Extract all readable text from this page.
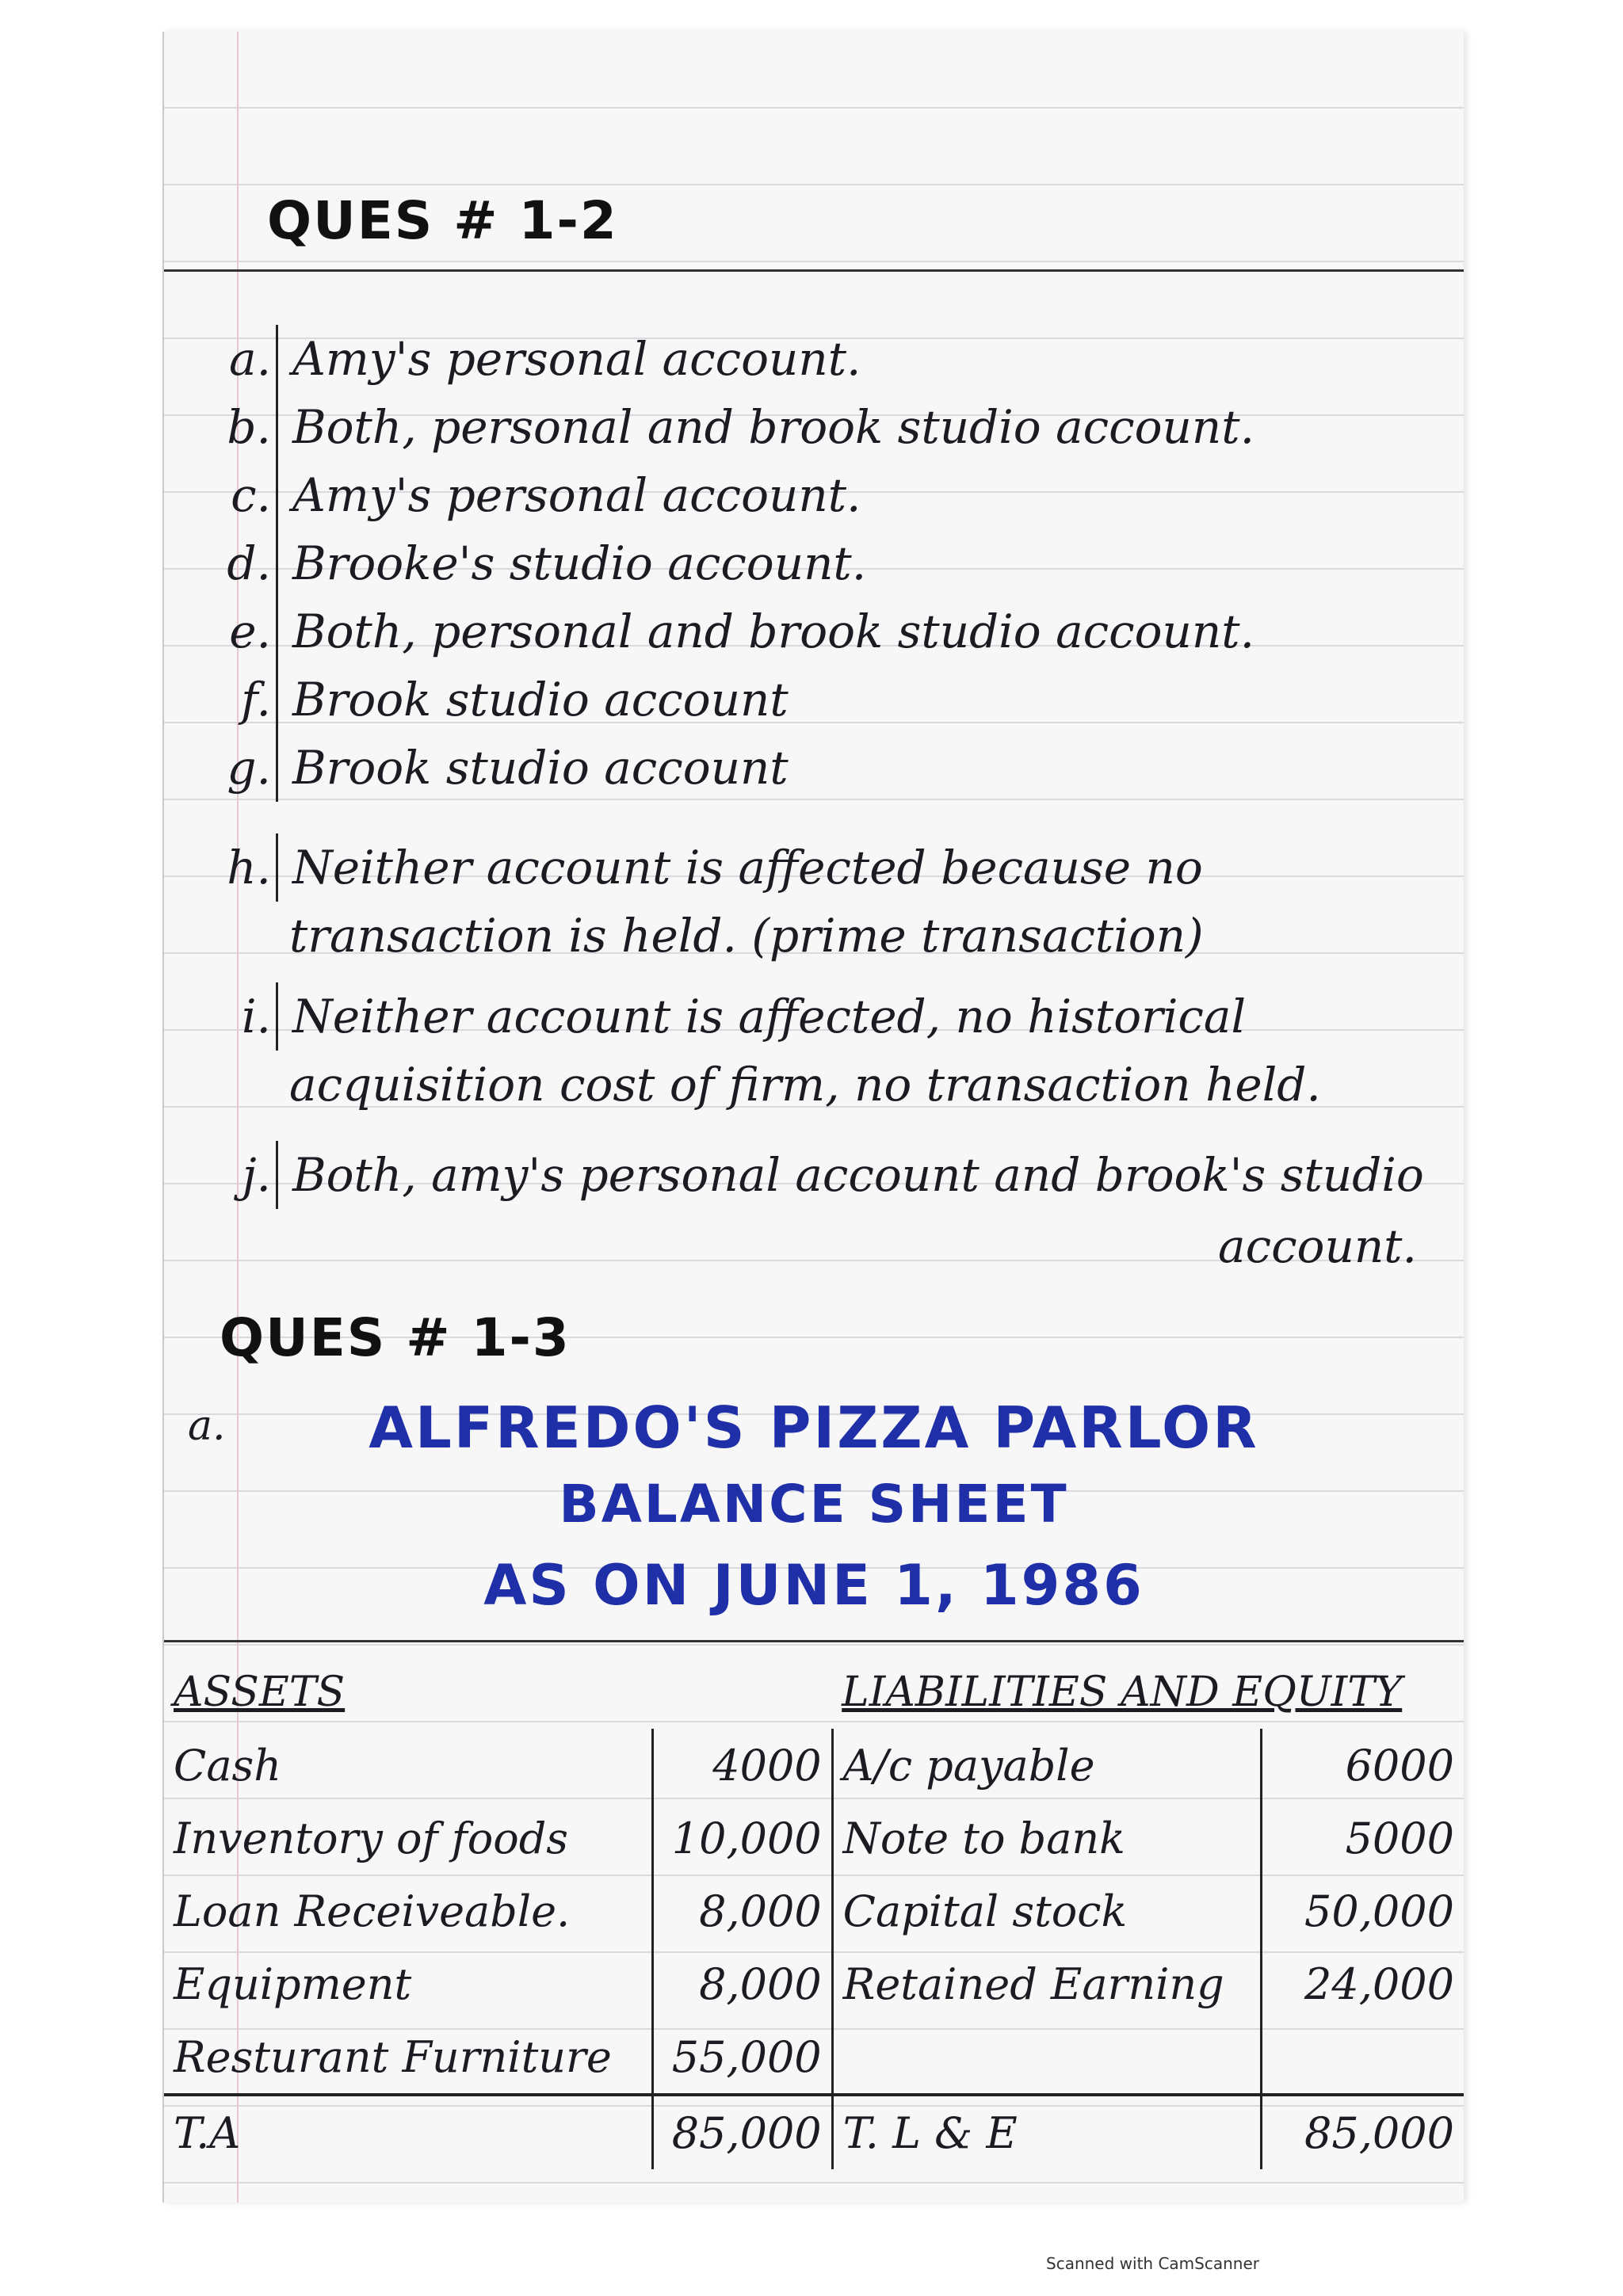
QUES # 1-2
a. Amy's personal account.
b. Both, personal and brook studio account.
c. Amy's personal account.
d. Brooke's studio account.
e. Both, personal and brook studio account.
f. Brook studio account
g. Brook studio account
h. Neither account is affected because no
transaction is held. (prime transaction)
i. Neither account is affected, no historical
acquisition cost of firm, no transaction held.
j. Both, amy's personal account and brook's studio
account.
QUES # 1-3
a.	ALFREDO'S PIZZA PARLOR
BALANCE SHEET
AS ON JUNE 1, 1986
ASSETS		LIABILITIES AND EQUITY	
Cash	4000	A/c payable	6000
Inventory of foods	10,000	Note to bank	5000
Loan Receiveable.	8,000	Capital stock	50,000
Equipment	8,000	Retained Earning	24,000
Resturant Furniture	55,000		
T.A	85,000	T. L & E	85,000
Scanned with CamScanner
